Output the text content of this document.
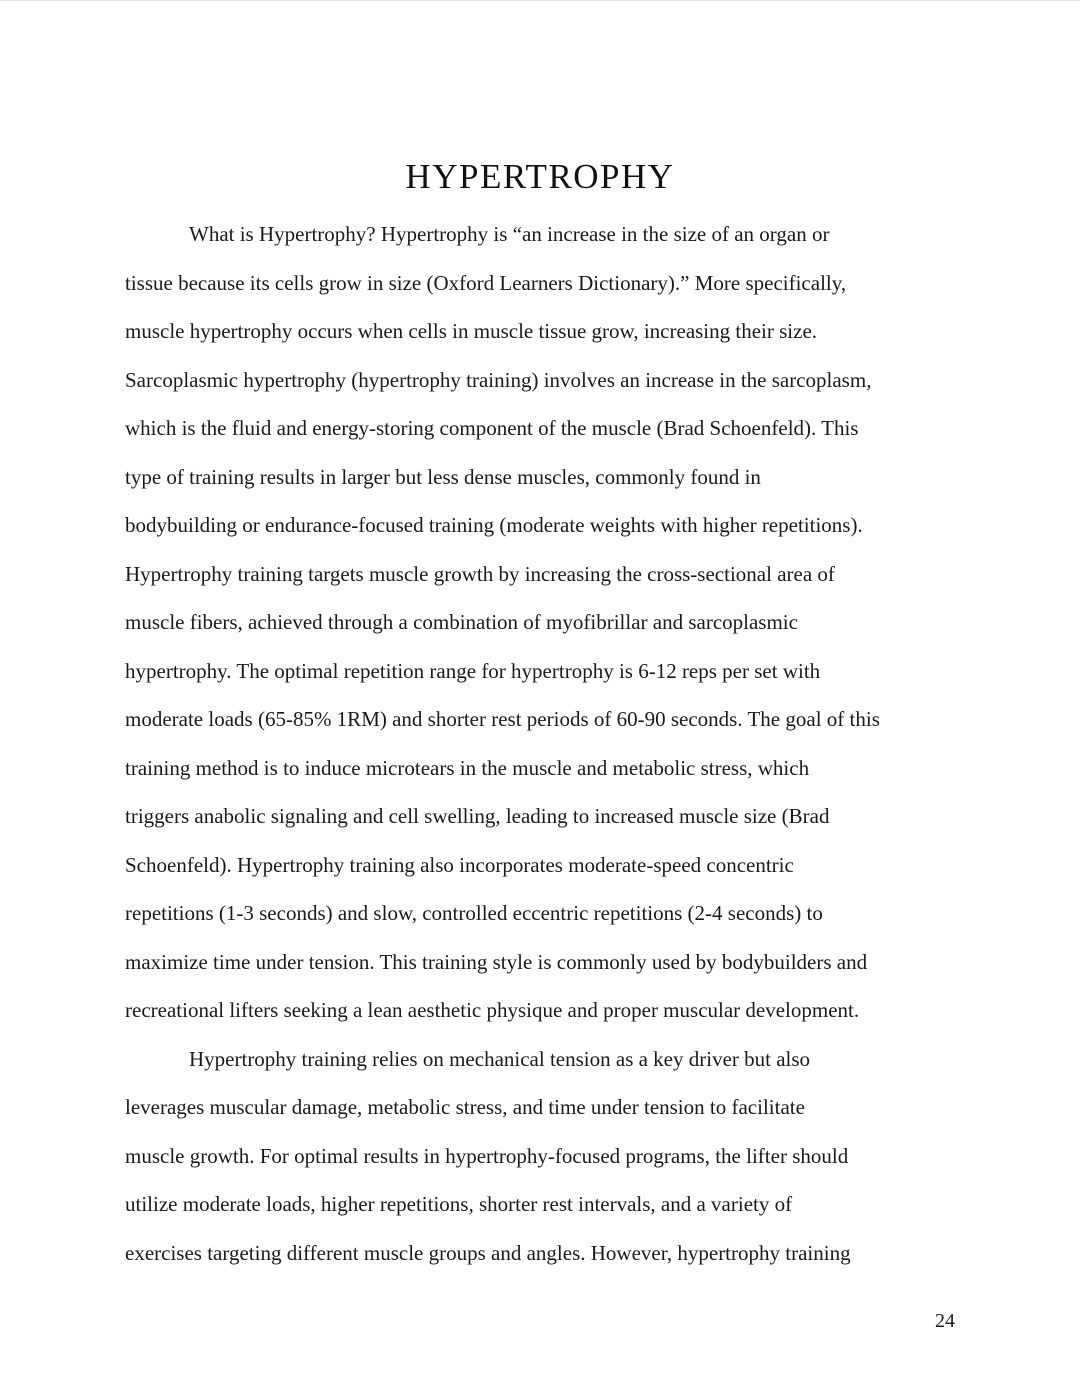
HYPERTROPHY

What is Hypertrophy? Hypertrophy is “an increase in the size of an organ or
tissue because its cells grow in size (Oxford Learners Dictionary).” More specifically,
muscle hypertrophy occurs when cells in muscle tissue grow, increasing their size.
Sarcoplasmic hypertrophy (hypertrophy training) involves an increase in the sarcoplasm,
which is the fluid and energy-storing component of the muscle (Brad Schoenfeld). This
type of training results in larger but less dense muscles, commonly found in
bodybuilding or endurance-focused training (moderate weights with higher repetitions).
Hypertrophy training targets muscle growth by increasing the cross-sectional area of
muscle fibers, achieved through a combination of myofibrillar and sarcoplasmic
hypertrophy. The optimal repetition range for hypertrophy is 6-12 reps per set with
moderate loads (65-85% 1RM) and shorter rest periods of 60-90 seconds. The goal of this
training method is to induce microtears in the muscle and metabolic stress, which
triggers anabolic signaling and cell swelling, leading to increased muscle size (Brad
Schoenfeld). Hypertrophy training also incorporates moderate-speed concentric
repetitions (1-3 seconds) and slow, controlled eccentric repetitions (2-4 seconds) to
maximize time under tension. This training style is commonly used by bodybuilders and
recreational lifters seeking a lean aesthetic physique and proper muscular development.

Hypertrophy training relies on mechanical tension as a key driver but also
leverages muscular damage, metabolic stress, and time under tension to facilitate
muscle growth. For optimal results in hypertrophy-focused programs, the lifter should
utilize moderate loads, higher repetitions, shorter rest intervals, and a variety of
exercises targeting different muscle groups and angles. However, hypertrophy training

24
